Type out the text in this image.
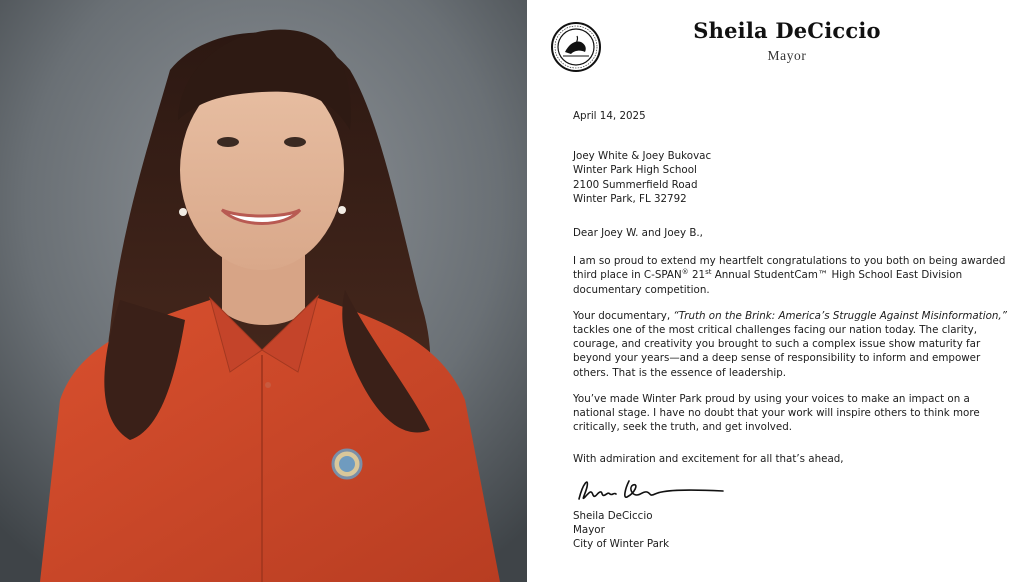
Sheila DeCiccio
Mayor
April 14, 2025
Joey White & Joey Bukovac
Winter Park High School
2100 Summerfield Road
Winter Park, FL 32792
Dear Joey W. and Joey B.,

I am so proud to extend my heartfelt congratulations to you both on being awarded third place in C-SPAN® 21st Annual StudentCam™ High School East Division documentary competition.

Your documentary, “Truth on the Brink: America’s Struggle Against Misinformation,” tackles one of the most critical challenges facing our nation today. The clarity, courage, and creativity you brought to such a complex issue show maturity far beyond your years—and a deep sense of responsibility to inform and empower others. That is the essence of leadership.

You’ve made Winter Park proud by using your voices to make an impact on a national stage. I have no doubt that your work will inspire others to think more critically, seek the truth, and get involved.

With admiration and excitement for all that’s ahead,
Sheila DeCiccio
Mayor
City of Winter Park
